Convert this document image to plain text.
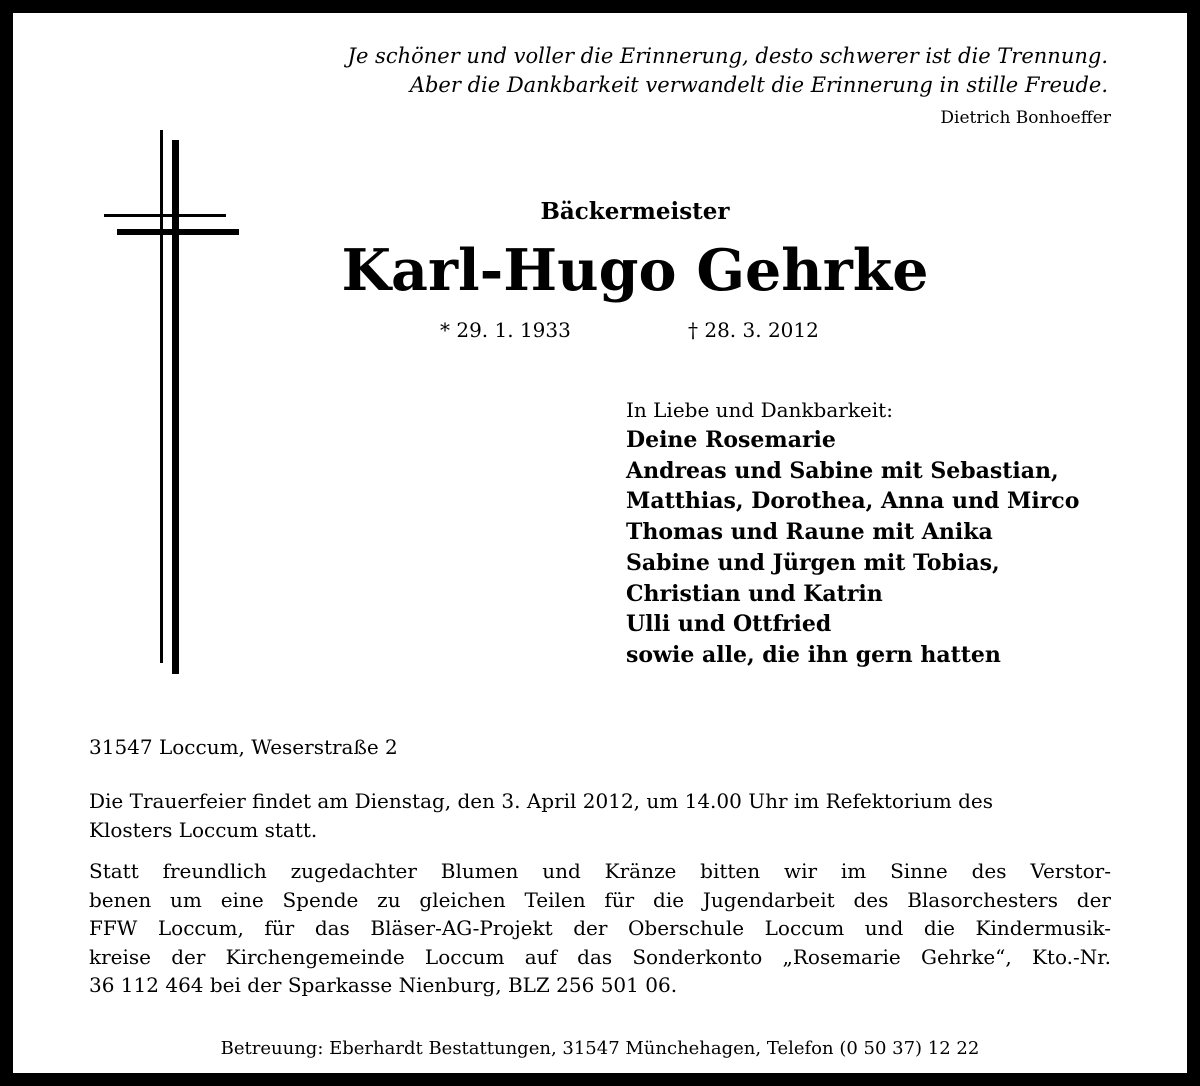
Je schöner und voller die Erinnerung, desto schwerer ist die Trennung.
Aber die Dankbarkeit verwandelt die Erinnerung in stille Freude.
Dietrich Bonhoeffer
Bäckermeister
Karl-Hugo Gehrke
* 29. 1. 1933	† 28. 3. 2012
In Liebe und Dankbarkeit:
Deine Rosemarie
Andreas und Sabine mit Sebastian,
Matthias, Dorothea, Anna und Mirco
Thomas und Raune mit Anika
Sabine und Jürgen mit Tobias,
Christian und Katrin
Ulli und Ottfried
sowie alle, die ihn gern hatten
31547 Loccum, Weserstraße 2
Die Trauerfeier findet am Dienstag, den 3. April 2012, um 14.00 Uhr im Refektorium des
Klosters Loccum statt.
Statt freundlich zugedachter Blumen und Kränze bitten wir im Sinne des Verstor-
benen um eine Spende zu gleichen Teilen für die Jugendarbeit des Blasorchesters der
FFW Loccum, für das Bläser-AG-Projekt der Oberschule Loccum und die Kindermusik-
kreise der Kirchengemeinde Loccum auf das Sonderkonto „Rosemarie Gehrke“, Kto.-Nr.
36 112 464 bei der Sparkasse Nienburg, BLZ 256 501 06.
Betreuung: Eberhardt Bestattungen, 31547 Münchehagen, Telefon (0 50 37) 12 22
